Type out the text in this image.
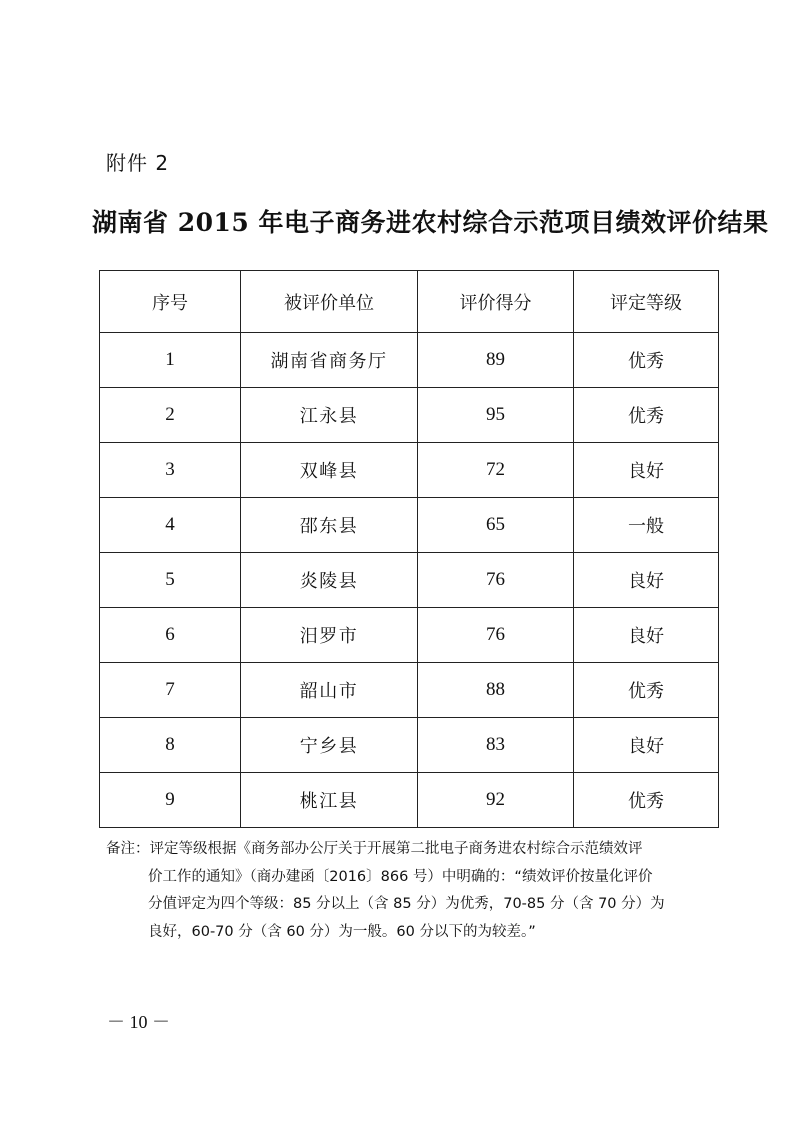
附件 2
湖南省 2015 年电子商务进农村综合示范项目绩效评价结果
序号	被评价单位	评价得分	评定等级
1	湖南省商务厅	89	优秀
2	江永县	95	优秀
3	双峰县	72	良好
4	邵东县	65	一般
5	炎陵县	76	良好
6	汨罗市	76	良好
7	韶山市	88	优秀
8	宁乡县	83	良好
9	桃江县	92	优秀
备注：评定等级根据《商务部办公厅关于开展第二批电子商务进农村综合示范绩效评
价工作的通知》（商办建函〔2016〕866 号）中明确的：“绩效评价按量化评价
分值评定为四个等级：85 分以上（含 85 分）为优秀，70-85 分（含 70 分）为
良好，60-70 分（含 60 分）为一般。60 分以下的为较差。”
－ 10 －
